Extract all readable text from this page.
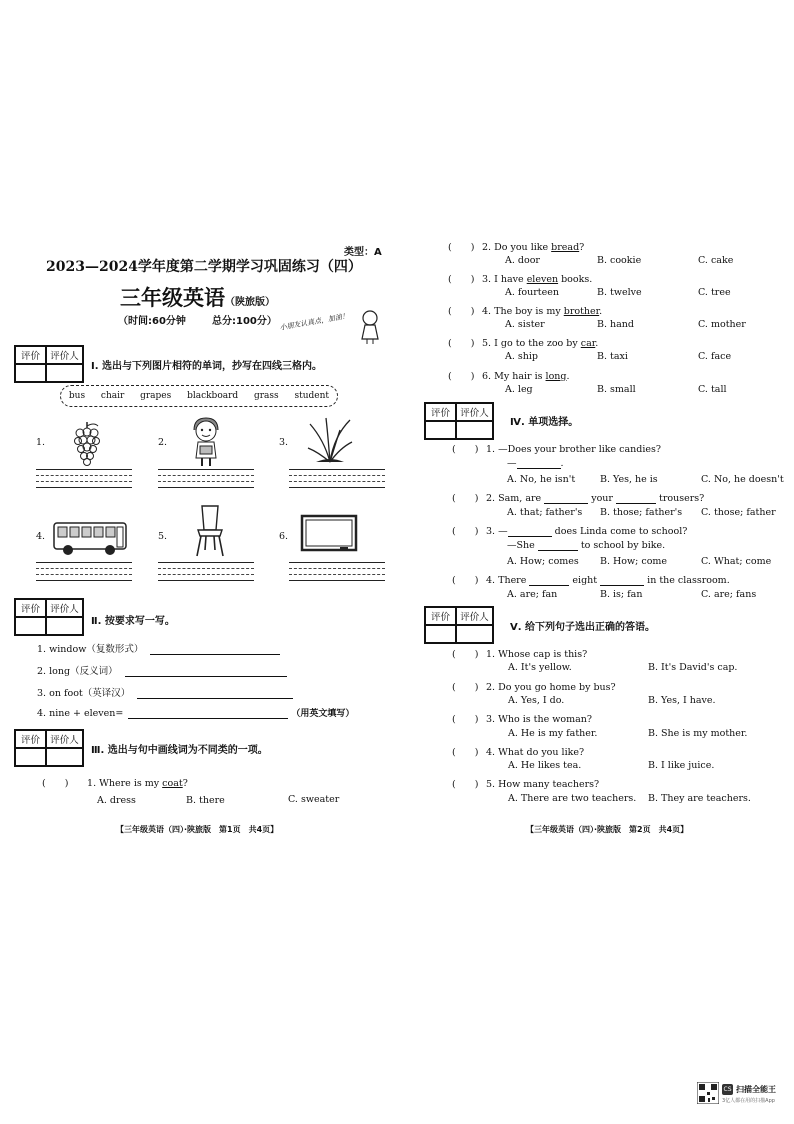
类型：A
2023—2024学年度第二学期学习巩固练习（四）
三年级英语（陕旅版）
（时间:60分钟	总分:100分） 小朋友认真点，加油！
评价	评价人
Ⅰ. 选出与下列图片相符的单词，抄写在四线三格内。
bus chair grapes blackboard grass student
1.	2.	3.
4.	5.	6.
评价	评价人
Ⅱ. 按要求写一写。
1. window（复数形式）
2. long（反义词）
3. on foot（英译汉）
4. nine + eleven=	（用英文填写）
评价	评价人
Ⅲ. 选出与句中画线词为不同类的一项。
(　　) 1. Where is my coat?
A. dress	B. there	C. sweater
【三年级英语（四）·陕旅版　第1页　共4页】
(　　) 2. Do you like bread?
A. door	B. cookie	C. cake
(　　) 3. I have eleven books.
A. fourteen	B. twelve	C. tree
(　　) 4. The boy is my brother.
A. sister	B. hand	C. mother
(　　) 5. I go to the zoo by car.
A. ship	B. taxi	C. face
(　　) 6. My hair is long.
A. leg	B. small	C. tall
评价	评价人
Ⅳ. 单项选择。
(　　) 1. —Does your brother like candies?
—	.
A. No, he isn't	B. Yes, he is	C. No, he doesn't
(　　) 2. Sam, are	your	trousers?
A. that; father's B. those; father's C. those; father
(　　) 3. —	does Linda come to school?
—She	to school by bike.
A. How; comes B. How; come	C. What; come
(　　) 4. There	eight	in the classroom.
A. are; fan	B. is; fan	C. are; fans
评价	评价人
Ⅴ. 给下列句子选出正确的答语。
(　　) 1. Whose cap is this?
A. It's yellow.	B. It's David's cap.
(　　) 2. Do you go home by bus?
A. Yes, I do.	B. Yes, I have.
(　　) 3. Who is the woman?
A. He is my father.	B. She is my mother.
(　　) 4. What do you like?
A. He likes tea.	B. I like juice.
(　　) 5. How many teachers?
A. There are two teachers. B. They are teachers.
【三年级英语（四）·陕旅版　第2页　共4页】
CS 扫描全能王
3亿人都在用的扫描App
